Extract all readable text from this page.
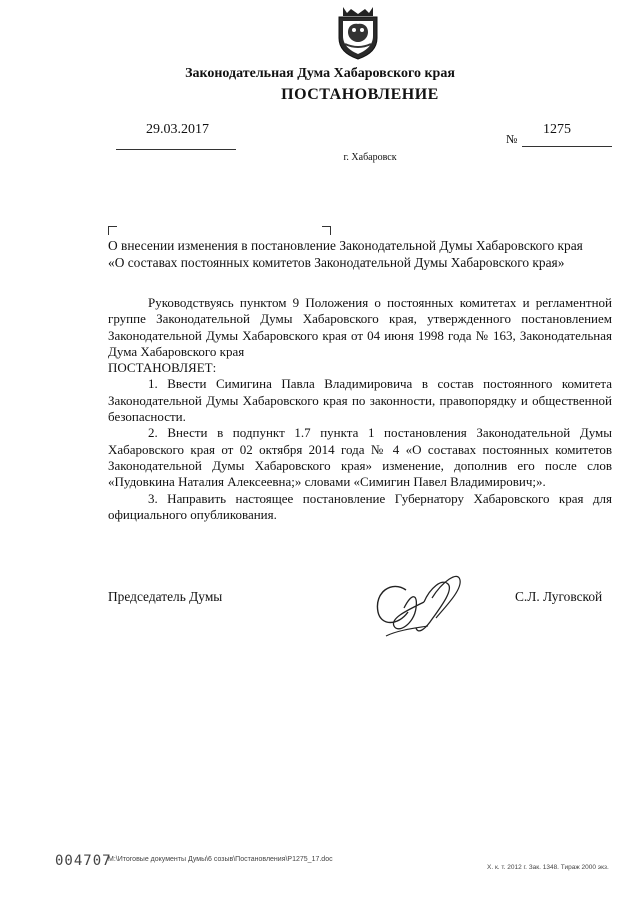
Законодательная Дума Хабаровского края
ПОСТАНОВЛЕНИЕ
29.03.2017
№
1275
г. Хабаровск
О внесении изменения в постановление Законодательной Думы Хабаровского края
«О составах постоянных комитетов Законодательной Думы Хабаровского края»

Руководствуясь пунктом 9 Положения о постоянных комитетах и регламентной группе Законодательной Думы Хабаровского края, утвержденного постановлением Законодательной Думы Хабаровского края от 04 июня 1998 года № 163, Законодательная Дума Хабаровского края

ПОСТАНОВЛЯЕТ:

1. Ввести Симигина Павла Владимировича в состав постоянного комитета Законодательной Думы Хабаровского края по законности, правопорядку и общественной безопасности.

2. Внести в подпункт 1.7 пункта 1 постановления Законодательной Думы Хабаровского края от 02 октября 2014 года № 4 «О составах постоянных комитетов Законодательной Думы Хабаровского края» изменение, дополнив его после слов «Пудовкина Наталия Алексеевна;» словами «Симигин Павел Владимирович;».

3. Направить настоящее постановление Губернатору Хабаровского края для официального опубликования.

Председатель Думы	С.Л. Луговской
004707
M:\Итоговые документы Думы\6 созыв\Постановления\P1275_17.doc
Х. к. т. 2012 г. Зак. 1348. Тираж 2000 экз.
